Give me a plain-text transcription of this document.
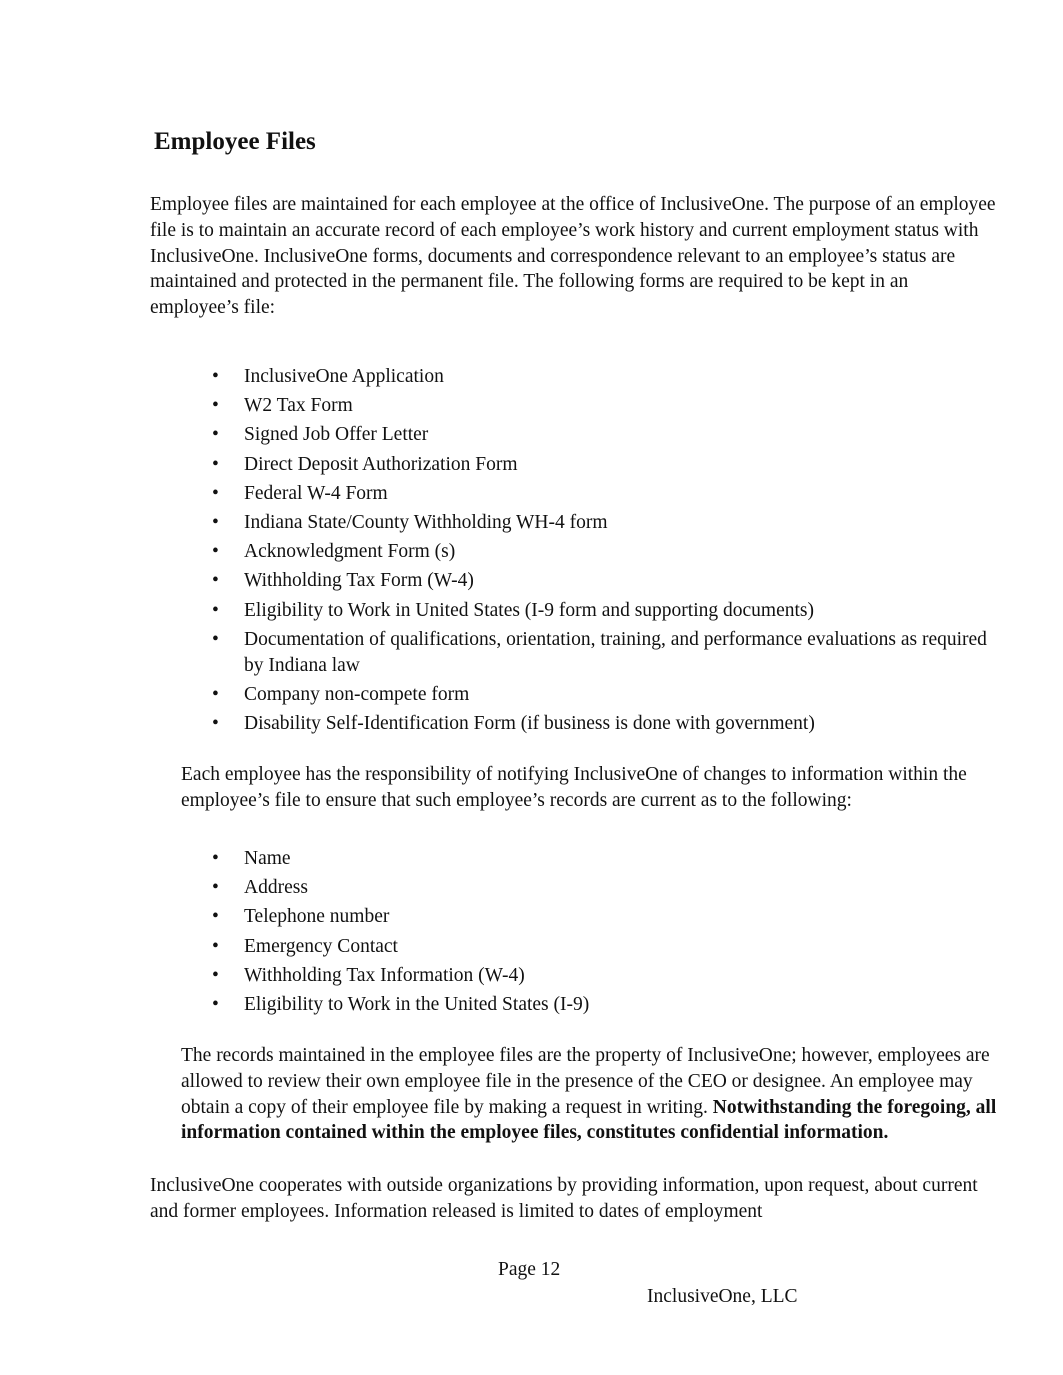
Employee Files

Employee files are maintained for each employee at the office of InclusiveOne. The purpose of an employee file is to maintain an accurate record of each employee’s work history and current employment status with InclusiveOne. InclusiveOne forms, documents and correspondence relevant to an employee’s status are maintained and protected in the permanent file. The following forms are required to be kept in an employee’s file:

• InclusiveOne Application
• W2 Tax Form
• Signed Job Offer Letter
• Direct Deposit Authorization Form
• Federal W-4 Form
• Indiana State/County Withholding WH-4 form
• Acknowledgment Form (s)
• Withholding Tax Form (W-4)
• Eligibility to Work in United States (I-9 form and supporting documents)
• Documentation of qualifications, orientation, training, and performance evaluations as required by Indiana law
• Company non-compete form
• Disability Self-Identification Form (if business is done with government)

Each employee has the responsibility of notifying InclusiveOne of changes to information within the employee’s file to ensure that such employee’s records are current as to the following:

• Name
• Address
• Telephone number
• Emergency Contact
• Withholding Tax Information (W-4)
• Eligibility to Work in the United States (I-9)

The records maintained in the employee files are the property of InclusiveOne; however, employees are allowed to review their own employee file in the presence of the CEO or designee. An employee may obtain a copy of their employee file by making a request in writing. Notwithstanding the foregoing, all information contained within the employee files, constitutes confidential information.

InclusiveOne cooperates with outside organizations by providing information, upon request, about current and former employees. Information released is limited to dates of employment

Page 12

InclusiveOne, LLC
